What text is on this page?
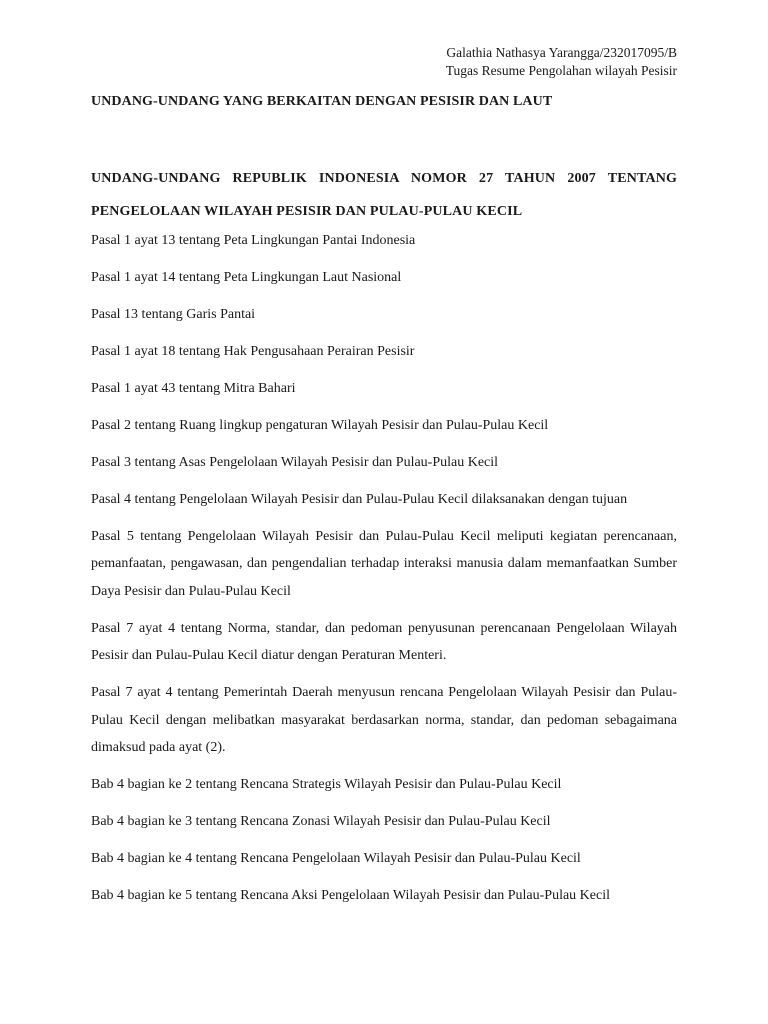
Galathia Nathasya Yarangga/232017095/B
Tugas Resume Pengolahan wilayah Pesisir
UNDANG-UNDANG YANG BERKAITAN DENGAN PESISIR DAN LAUT
UNDANG-UNDANG REPUBLIK INDONESIA NOMOR 27 TAHUN 2007 TENTANG PENGELOLAAN WILAYAH PESISIR DAN PULAU-PULAU KECIL

Pasal 1 ayat 13 tentang Peta Lingkungan Pantai Indonesia

Pasal 1 ayat 14 tentang Peta Lingkungan Laut Nasional

Pasal 13 tentang Garis Pantai

Pasal 1 ayat 18 tentang Hak Pengusahaan Perairan Pesisir

Pasal 1 ayat 43 tentang Mitra Bahari

Pasal 2 tentang Ruang lingkup pengaturan Wilayah Pesisir dan Pulau-Pulau Kecil

Pasal 3 tentang Asas Pengelolaan Wilayah Pesisir dan Pulau-Pulau Kecil

Pasal 4 tentang Pengelolaan Wilayah Pesisir dan Pulau-Pulau Kecil dilaksanakan dengan tujuan

Pasal 5 tentang Pengelolaan Wilayah Pesisir dan Pulau-Pulau Kecil meliputi kegiatan perencanaan, pemanfaatan, pengawasan, dan pengendalian terhadap interaksi manusia dalam memanfaatkan Sumber Daya Pesisir dan Pulau-Pulau Kecil

Pasal 7 ayat 4 tentang Norma, standar, dan pedoman penyusunan perencanaan Pengelolaan Wilayah Pesisir dan Pulau-Pulau Kecil diatur dengan Peraturan Menteri.

Pasal 7 ayat 4 tentang Pemerintah Daerah menyusun rencana Pengelolaan Wilayah Pesisir dan Pulau-Pulau Kecil dengan melibatkan masyarakat berdasarkan norma, standar, dan pedoman sebagaimana dimaksud pada ayat (2).

Bab 4 bagian ke 2 tentang Rencana Strategis Wilayah Pesisir dan Pulau-Pulau Kecil

Bab 4 bagian ke 3 tentang Rencana Zonasi Wilayah Pesisir dan Pulau-Pulau Kecil

Bab 4 bagian ke 4 tentang Rencana Pengelolaan Wilayah Pesisir dan Pulau-Pulau Kecil

Bab 4 bagian ke 5 tentang Rencana Aksi Pengelolaan Wilayah Pesisir dan Pulau-Pulau Kecil
